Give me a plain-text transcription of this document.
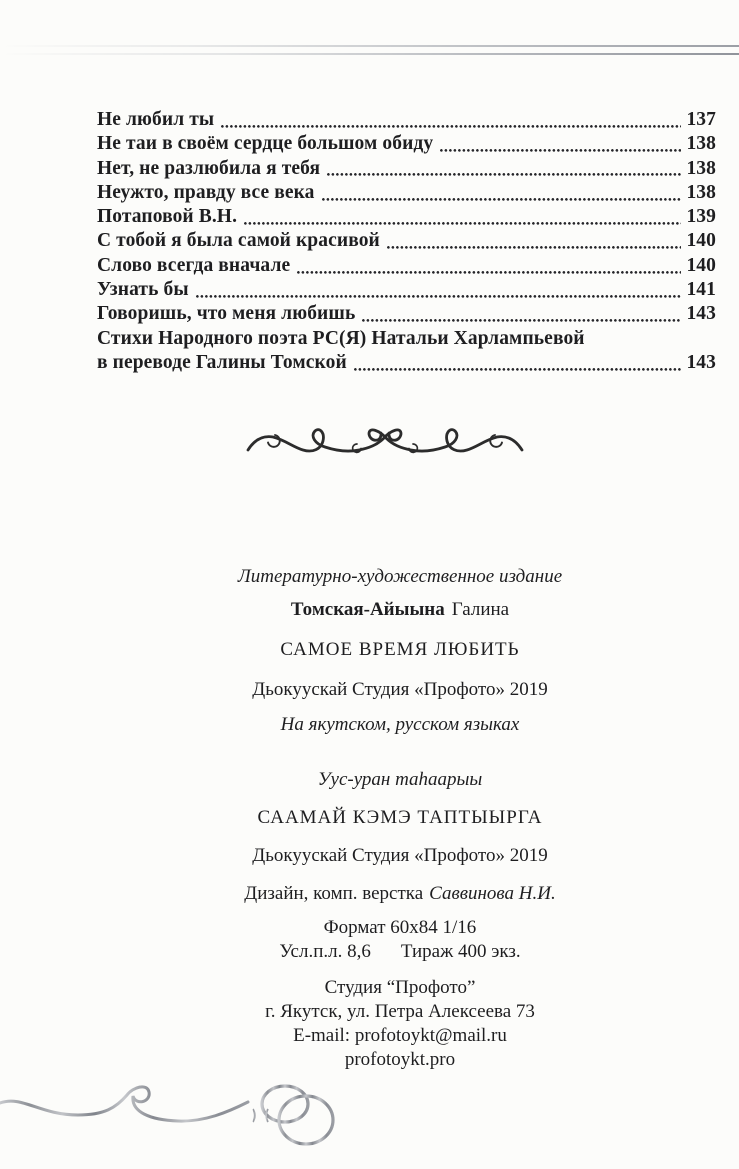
Не любил ты	137
Не таи в своём сердце большом обиду	138
Нет, не разлюбила я тебя	138
Неужто, правду все века	138
Потаповой В.Н.	139
С тобой я была самой красивой	140
Слово всегда вначале	140
Узнать бы	141
Говоришь, что меня любишь	143
Стихи Народного поэта РС(Я) Натальи Харлампьевой
в переводе Галины Томской	143
Литературно-художественное издание
Томская-Айыына Галина
САМОЕ ВРЕМЯ ЛЮБИТЬ
Дьокуускай Студия «Профото» 2019
На якутском, русском языках
Уус-уран таһаарыы
СААМАЙ КЭМЭ ТАПТЫЫРГА
Дьокуускай Студия «Профото» 2019
Дизайн, комп. верстка Саввинова Н.И.
Формат 60х84 1/16
Усл.п.л. 8,6 Тираж 400 экз.
Студия “Профото”
г. Якутск, ул. Петра Алексеева 73
E-mail: profotoykt@mail.ru
profotoykt.pro
